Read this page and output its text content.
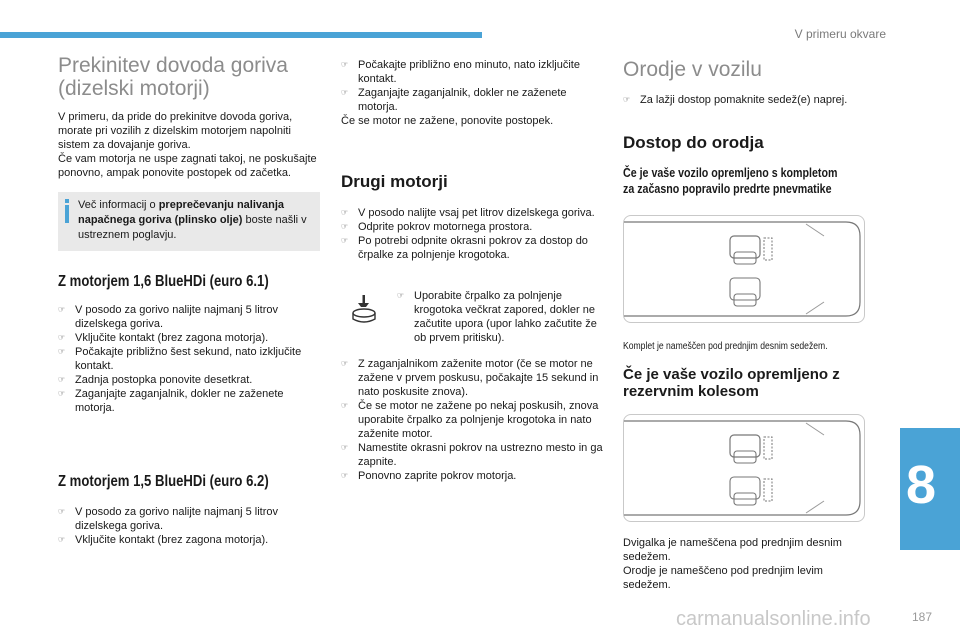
V primeru okvare
Prekinitev dovoda goriva (dizelski motorji)

V primeru, da pride do prekinitve dovoda goriva, morate pri vozilih z dizelskim motorjem napolniti sistem za dovajanje goriva.

Če vam motorja ne uspe zagnati takoj, ne poskušajte ponovno, ampak ponovite postopek od začetka.

Več informacij o preprečevanju nalivanja napačnega goriva (plinsko olje) boste našli v ustreznem poglavju.
Z motorjem 1,6 BlueHDi (euro 6.1)
☞ V posodo za gorivo nalijte najmanj 5 litrov dizelskega goriva.
☞ Vključite kontakt (brez zagona motorja).
☞ Počakajte približno šest sekund, nato izključite kontakt.
☞ Zadnja postopka ponovite desetkrat.
☞ Zaganjajte zaganjalnik, dokler ne zaženete motorja.
Z motorjem 1,5 BlueHDi (euro 6.2)
☞ V posodo za gorivo nalijte najmanj 5 litrov dizelskega goriva.
☞ Vključite kontakt (brez zagona motorja).
☞ Počakajte približno eno minuto, nato izključite kontakt.
☞ Zaganjajte zaganjalnik, dokler ne zaženete motorja.

Če se motor ne zažene, ponovite postopek.

Drugi motorji
☞ V posodo nalijte vsaj pet litrov dizelskega goriva.
☞ Odprite pokrov motornega prostora.
☞ Po potrebi odpnite okrasni pokrov za dostop do črpalke za polnjenje krogotoka.
☞ Uporabite črpalko za polnjenje krogotoka večkrat zapored, dokler ne začutite upora (upor lahko začutite že ob prvem pritisku).
☞ Z zaganjalnikom zaženite motor (če se motor ne zažene v prvem poskusu, počakajte 15 sekund in nato poskusite znova).
☞ Če se motor ne zažene po nekaj poskusih, znova uporabite črpalko za polnjenje krogotoka in nato zaženite motor.
☞ Namestite okrasni pokrov na ustrezno mesto in ga zapnite.
☞ Ponovno zaprite pokrov motorja.
Orodje v vozilu
☞ Za lažji dostop pomaknite sedež(e) naprej.
Dostop do orodja
Če je vaše vozilo opremljeno s kompletom
za začasno popravilo predrte pnevmatike

Komplet je nameščen pod prednjim desnim sedežem.

Če je vaše vozilo opremljeno z rezervnim kolesom

Dvigalka je nameščena pod prednjim desnim sedežem.

Orodje je nameščeno pod prednjim levim sedežem.

8
carmanualsonline.info	187
